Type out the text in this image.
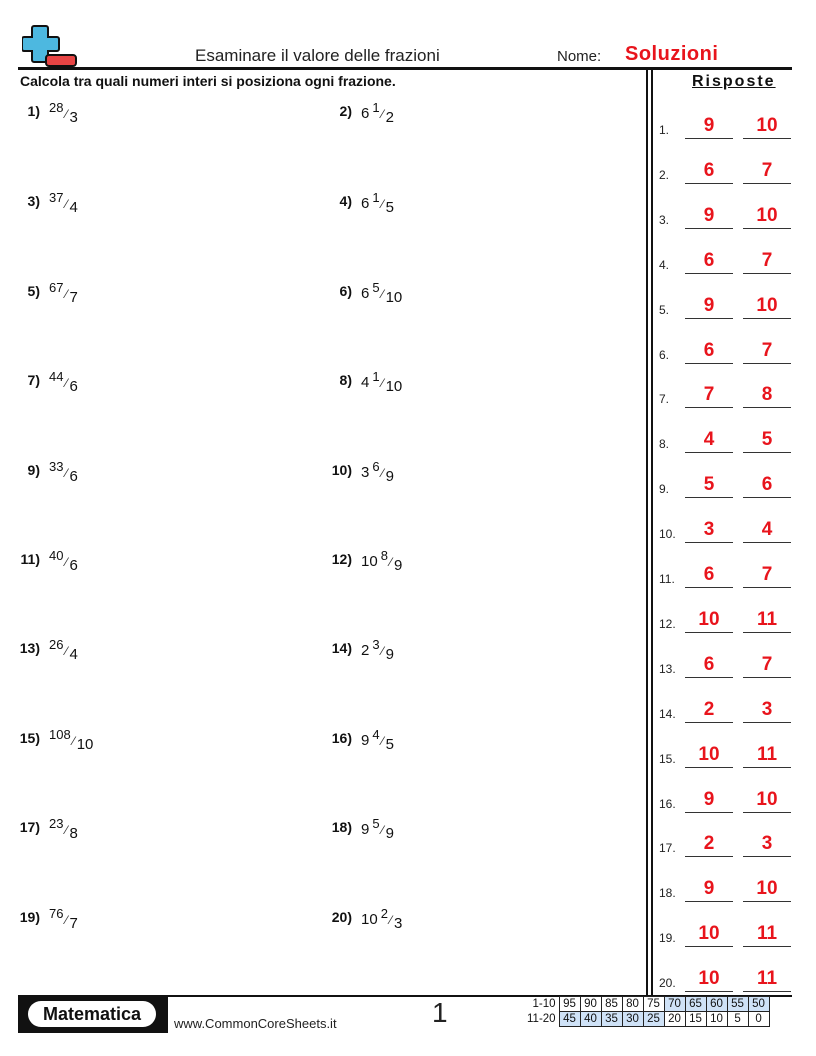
Esaminare il valore delle frazioni	Nome: Soluzioni
Calcola tra quali numeri interi si posiziona ogni frazione.	Risposte
1) 28 ⁄ 3	2) 6 1 ⁄ 2
3) 37 ⁄ 4	4) 6 1 ⁄ 5
5) 67 ⁄ 7	6) 6 5 ⁄ 10
7) 44 ⁄ 6	8) 4 1 ⁄ 10
9) 33 ⁄ 6	10) 3 6 ⁄ 9
11) 40 ⁄ 6	12) 10 8 ⁄ 9
13) 26 ⁄ 4	14) 2 3 ⁄ 9
15) 108 ⁄ 10	16) 9 4 ⁄ 5
17) 23 ⁄ 8	18) 9 5 ⁄ 9
19) 76 ⁄ 7	20) 10 2 ⁄ 3
1.	9	10
2.	6	7
3.	9	10
4.	6	7
5.	9	10
6.	6	7
7.	7	8
8.	4	5
9.	5	6
10.	3	4
11.	6	7
12.	10	11
13.	6	7
14.	2	3
15.	10	11
16.	9	10
17.	2	3
18.	9	10
19.	10	11
20.	10	11
Matematica	www.CommonCoreSheets.it	1	1-10	95	90	85	80	75	70	65	60	55	50
11-20	45	40	35	30	25	20	15	10	5	0
